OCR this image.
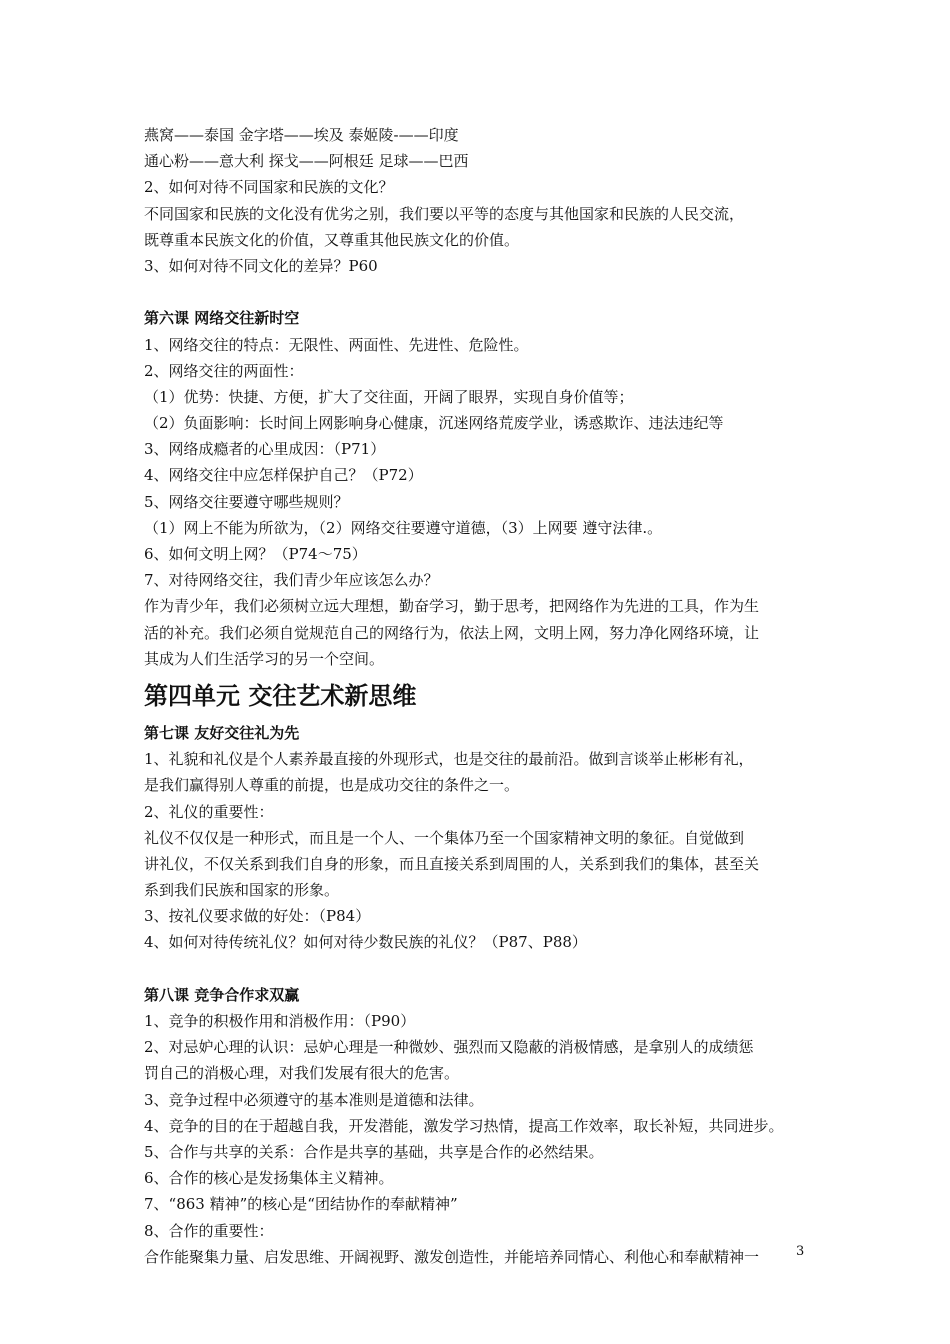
燕窝——泰国 金字塔——埃及 泰姬陵-——印度
通心粉——意大利 探戈——阿根廷 足球——巴西
2、如何对待不同国家和民族的文化？
不同国家和民族的文化没有优劣之别，我们要以平等的态度与其他国家和民族的人民交流，
既尊重本民族文化的价值，又尊重其他民族文化的价值。
3、如何对待不同文化的差异？P60
第六课 网络交往新时空
1、网络交往的特点：无限性、两面性、先进性、危险性。
2、网络交往的两面性：
（1）优势：快捷、方便，扩大了交往面，开阔了眼界，实现自身价值等；
（2）负面影响：长时间上网影响身心健康，沉迷网络荒废学业，诱惑欺诈、违法违纪等
3、网络成瘾者的心里成因：（P71）
4、网络交往中应怎样保护自己？（P72）
5、网络交往要遵守哪些规则？
（1）网上不能为所欲为，（2）网络交往要遵守道德，（3）上网要 遵守法律.。
6、如何文明上网？（P74～75）
7、对待网络交往，我们青少年应该怎么办？
作为青少年，我们必须树立远大理想，勤奋学习，勤于思考，把网络作为先进的工具，作为生
活的补充。我们必须自觉规范自己的网络行为，依法上网，文明上网，努力净化网络环境，让
其成为人们生活学习的另一个空间。
第四单元 交往艺术新思维
第七课 友好交往礼为先
1、礼貌和礼仪是个人素养最直接的外现形式，也是交往的最前沿。做到言谈举止彬彬有礼，
是我们赢得别人尊重的前提，也是成功交往的条件之一。
2、礼仪的重要性：
礼仪不仅仅是一种形式，而且是一个人、一个集体乃至一个国家精神文明的象征。自觉做到
讲礼仪，不仅关系到我们自身的形象，而且直接关系到周围的人，关系到我们的集体，甚至关
系到我们民族和国家的形象。
3、按礼仪要求做的好处：（P84）
4、如何对待传统礼仪？如何对待少数民族的礼仪？（P87、P88）
第八课 竞争合作求双赢
1、竞争的积极作用和消极作用：（P90）
2、对忌妒心理的认识：忌妒心理是一种微妙、强烈而又隐蔽的消极情感，是拿别人的成绩惩
罚自己的消极心理，对我们发展有很大的危害。
3、竞争过程中必须遵守的基本准则是道德和法律。
4、竞争的目的在于超越自我，开发潜能，激发学习热情，提高工作效率，取长补短，共同进步。
5、合作与共享的关系：合作是共享的基础，共享是合作的必然结果。
6、合作的核心是发扬集体主义精神。
7、“863 精神”的核心是“团结协作的奉献精神”
8、合作的重要性：
合作能聚集力量、启发思维、开阔视野、激发创造性，并能培养同情心、利他心和奉献精神一	3
